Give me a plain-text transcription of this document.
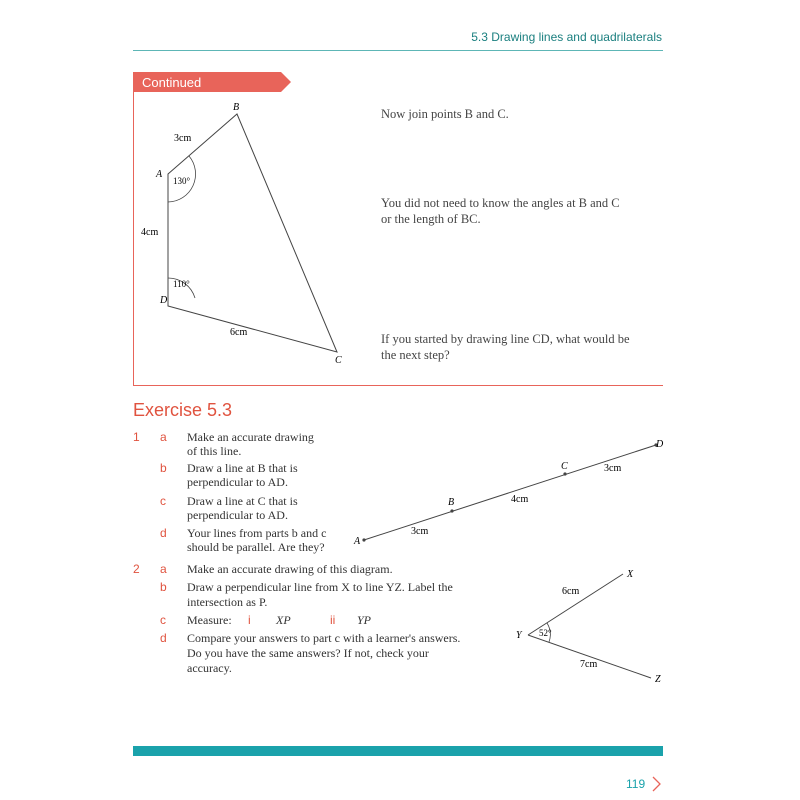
5.3 Drawing lines and quadrilaterals
Continued
B
A
D
C
3cm
4cm
6cm
130°
110°
Now join points B and C.
You did not need to know the angles at B and C
or the length of BC.
If you started by drawing line CD, what would be
the next step?
Exercise 5.3
1 a Make an accurate drawing
of this line.
b Draw a line at B that is
perpendicular to AD.
c Draw a line at C that is
perpendicular to AD.
d Your lines from parts b and c
should be parallel. Are they?	A
B
C
D
3cm
4cm
3cm
2 a Make an accurate drawing of this diagram.
b Draw a perpendicular line from X to line YZ. Label the
intersection as P.
c Measure: i XP	ii YP
d Compare your answers to part c with a learner's answers.
Do you have the same answers? If not, check your
accuracy.
X
Y
Z
6cm
7cm
52°
119
